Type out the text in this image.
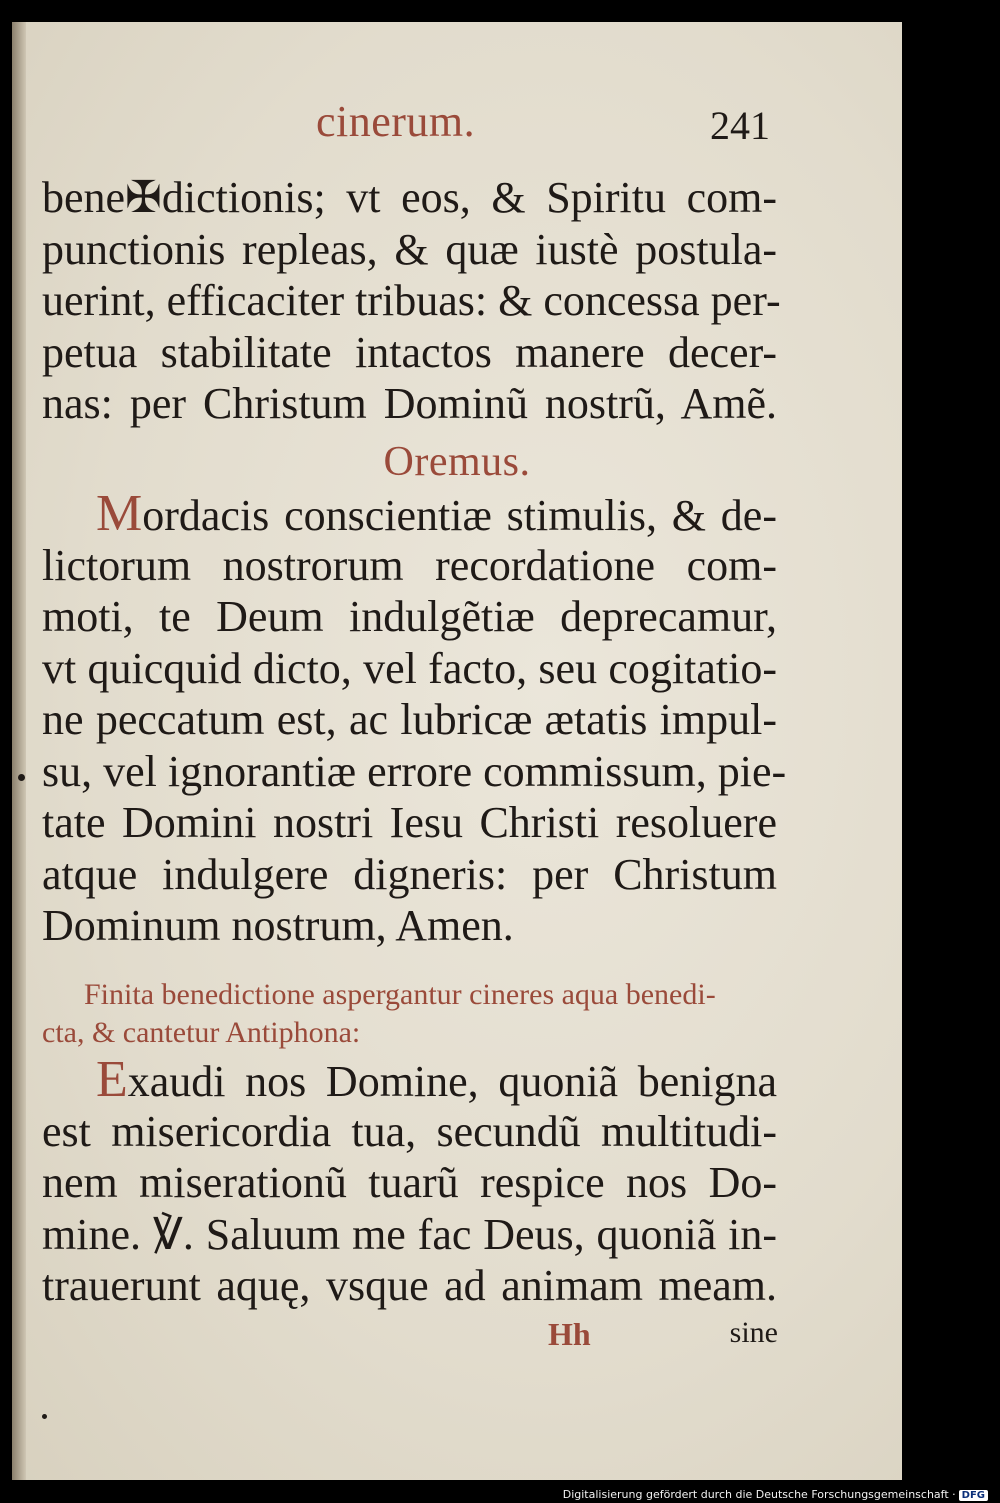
cinerum.	241
bene✠dictionis; vt eos, & Spiritu com-
punctionis repleas, & quæ iustè postula-
uerint, efficaciter tribuas: & concessa per-
petua stabilitate intactos manere decer-
nas: per Christum Dominũ nostrũ, Amẽ.
Oremus.
Mordacis conscientiæ stimulis, & de-
lictorum nostrorum recordatione com-
moti, te Deum indulgẽtiæ deprecamur,
vt quicquid dicto, vel facto, seu cogitatio-
ne peccatum est, ac lubricæ ætatis impul-
su, vel ignorantiæ errore commissum, pie-
tate Domini nostri Iesu Christi resoluere
atque indulgere digneris: per Christum
Dominum nostrum, Amen.
Finita benedictione aspergantur cineres aqua benedi-
cta, & cantetur Antiphona:
Exaudi nos Domine, quoniã benigna
est misericordia tua, secundũ multitudi-
nem miserationũ tuarũ respice nos Do-
mine. ℣. Saluum me fac Deus, quoniã in-
trauerunt aquę, vsque ad animam meam.
Hh	sine
Digitalisierung gefördert durch die Deutsche Forschungsgemeinschaft · DFG
